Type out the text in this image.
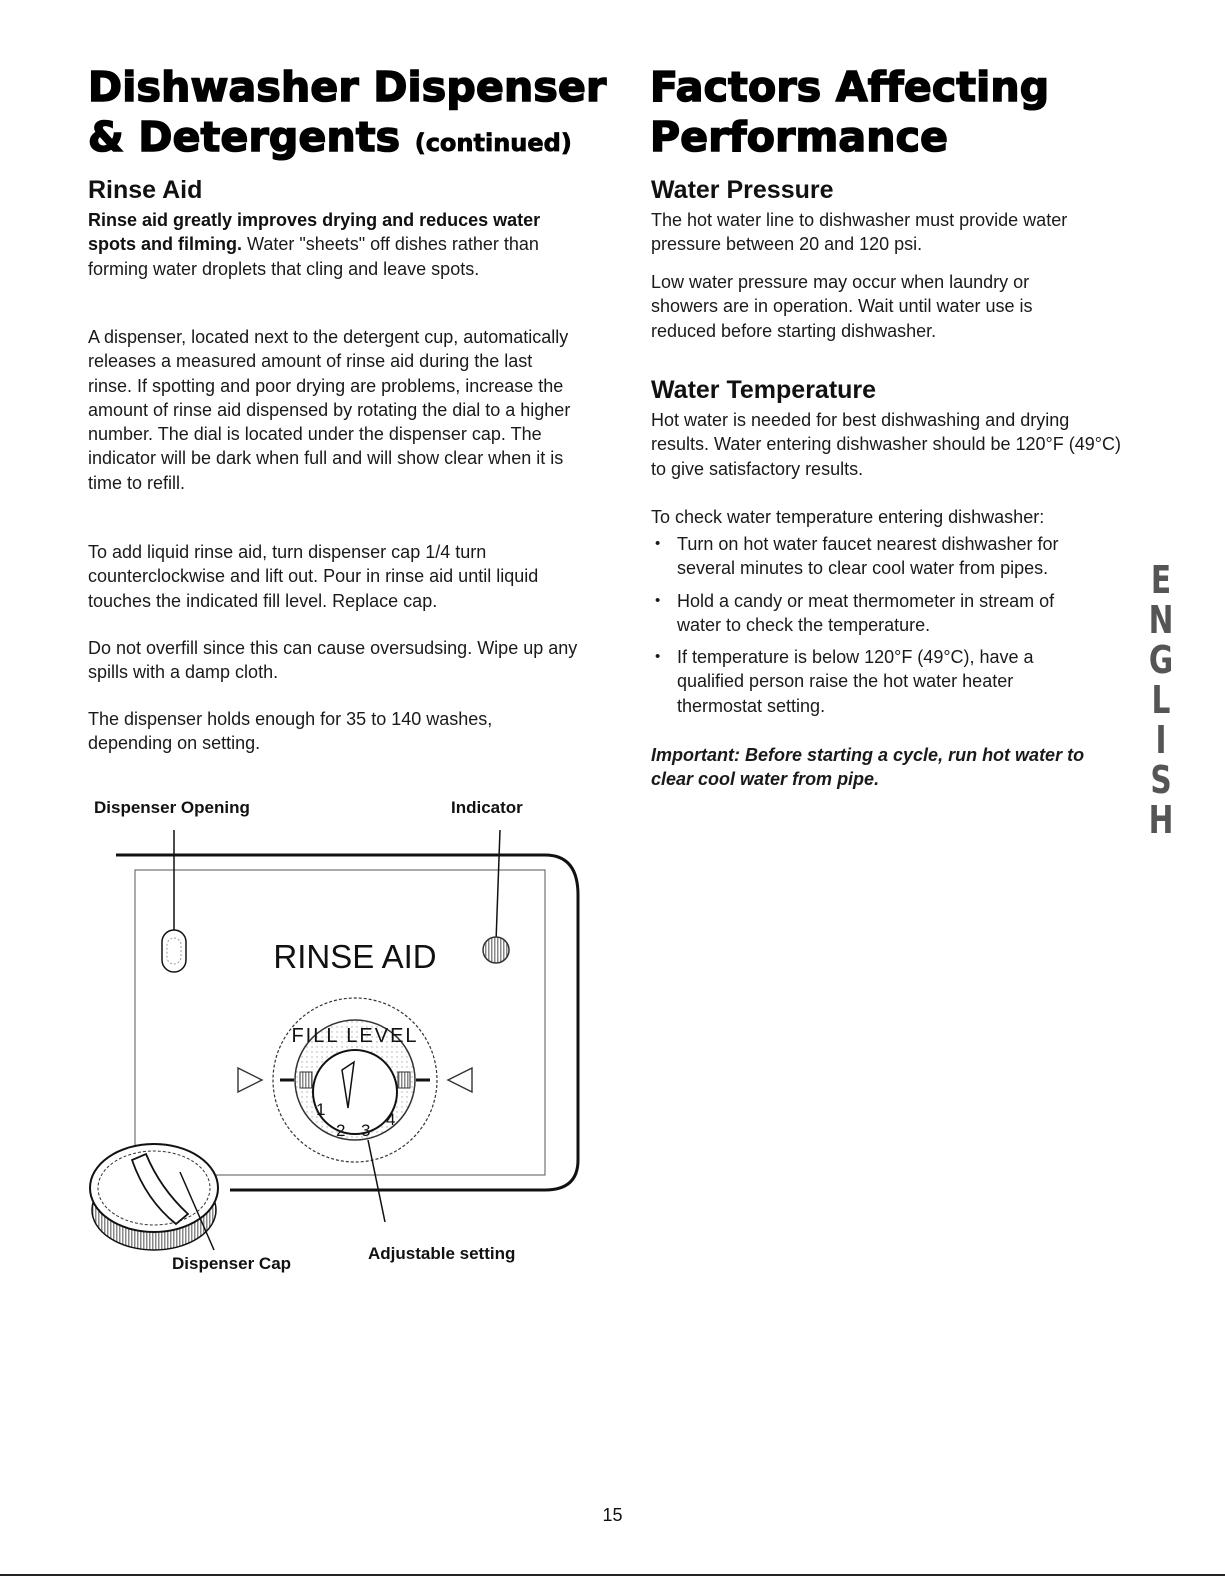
Dishwasher Dispenser
& Detergents (continued)
Rinse Aid

Rinse aid greatly improves drying and reduces water spots and filming. Water "sheets" off dishes rather than forming water droplets that cling and leave spots.

A dispenser, located next to the detergent cup, automatically releases a measured amount of rinse aid during the last rinse. If spotting and poor drying are problems, increase the amount of rinse aid dispensed by rotating the dial to a higher number. The dial is located under the dispenser cap. The indicator will be dark when full and will show clear when it is time to refill.

To add liquid rinse aid, turn dispenser cap 1/4 turn counterclockwise and lift out. Pour in rinse aid until liquid touches the indicated fill level. Replace cap.

Do not overfill since this can cause oversudsing. Wipe up any spills with a damp cloth.

The dispenser holds enough for 35 to 140 washes, depending on setting.

Dispenser Opening	Indicator

RINSE AID
FILL LEVEL
1
2 3
4

Dispenser Cap

Adjustable setting

Factors Affecting
Performance
Water Pressure

The hot water line to dishwasher must provide water pressure between 20 and 120 psi.

Low water pressure may occur when laundry or showers are in operation. Wait until water use is reduced before starting dishwasher.

Water Temperature

Hot water is needed for best dishwashing and drying results. Water entering dishwasher should be 120°F (49°C) to give satisfactory results.

To check water temperature entering dishwasher:

• Turn on hot water faucet nearest dishwasher for several minutes to clear cool water from pipes.
• Hold a candy or meat thermometer in stream of water to check the temperature.
• If temperature is below 120°F (49°C), have a qualified person raise the hot water heater thermostat setting.

Important: Before starting a cycle, run hot water to clear cool water from pipe.

E
N
G
L
I
S
H

15
